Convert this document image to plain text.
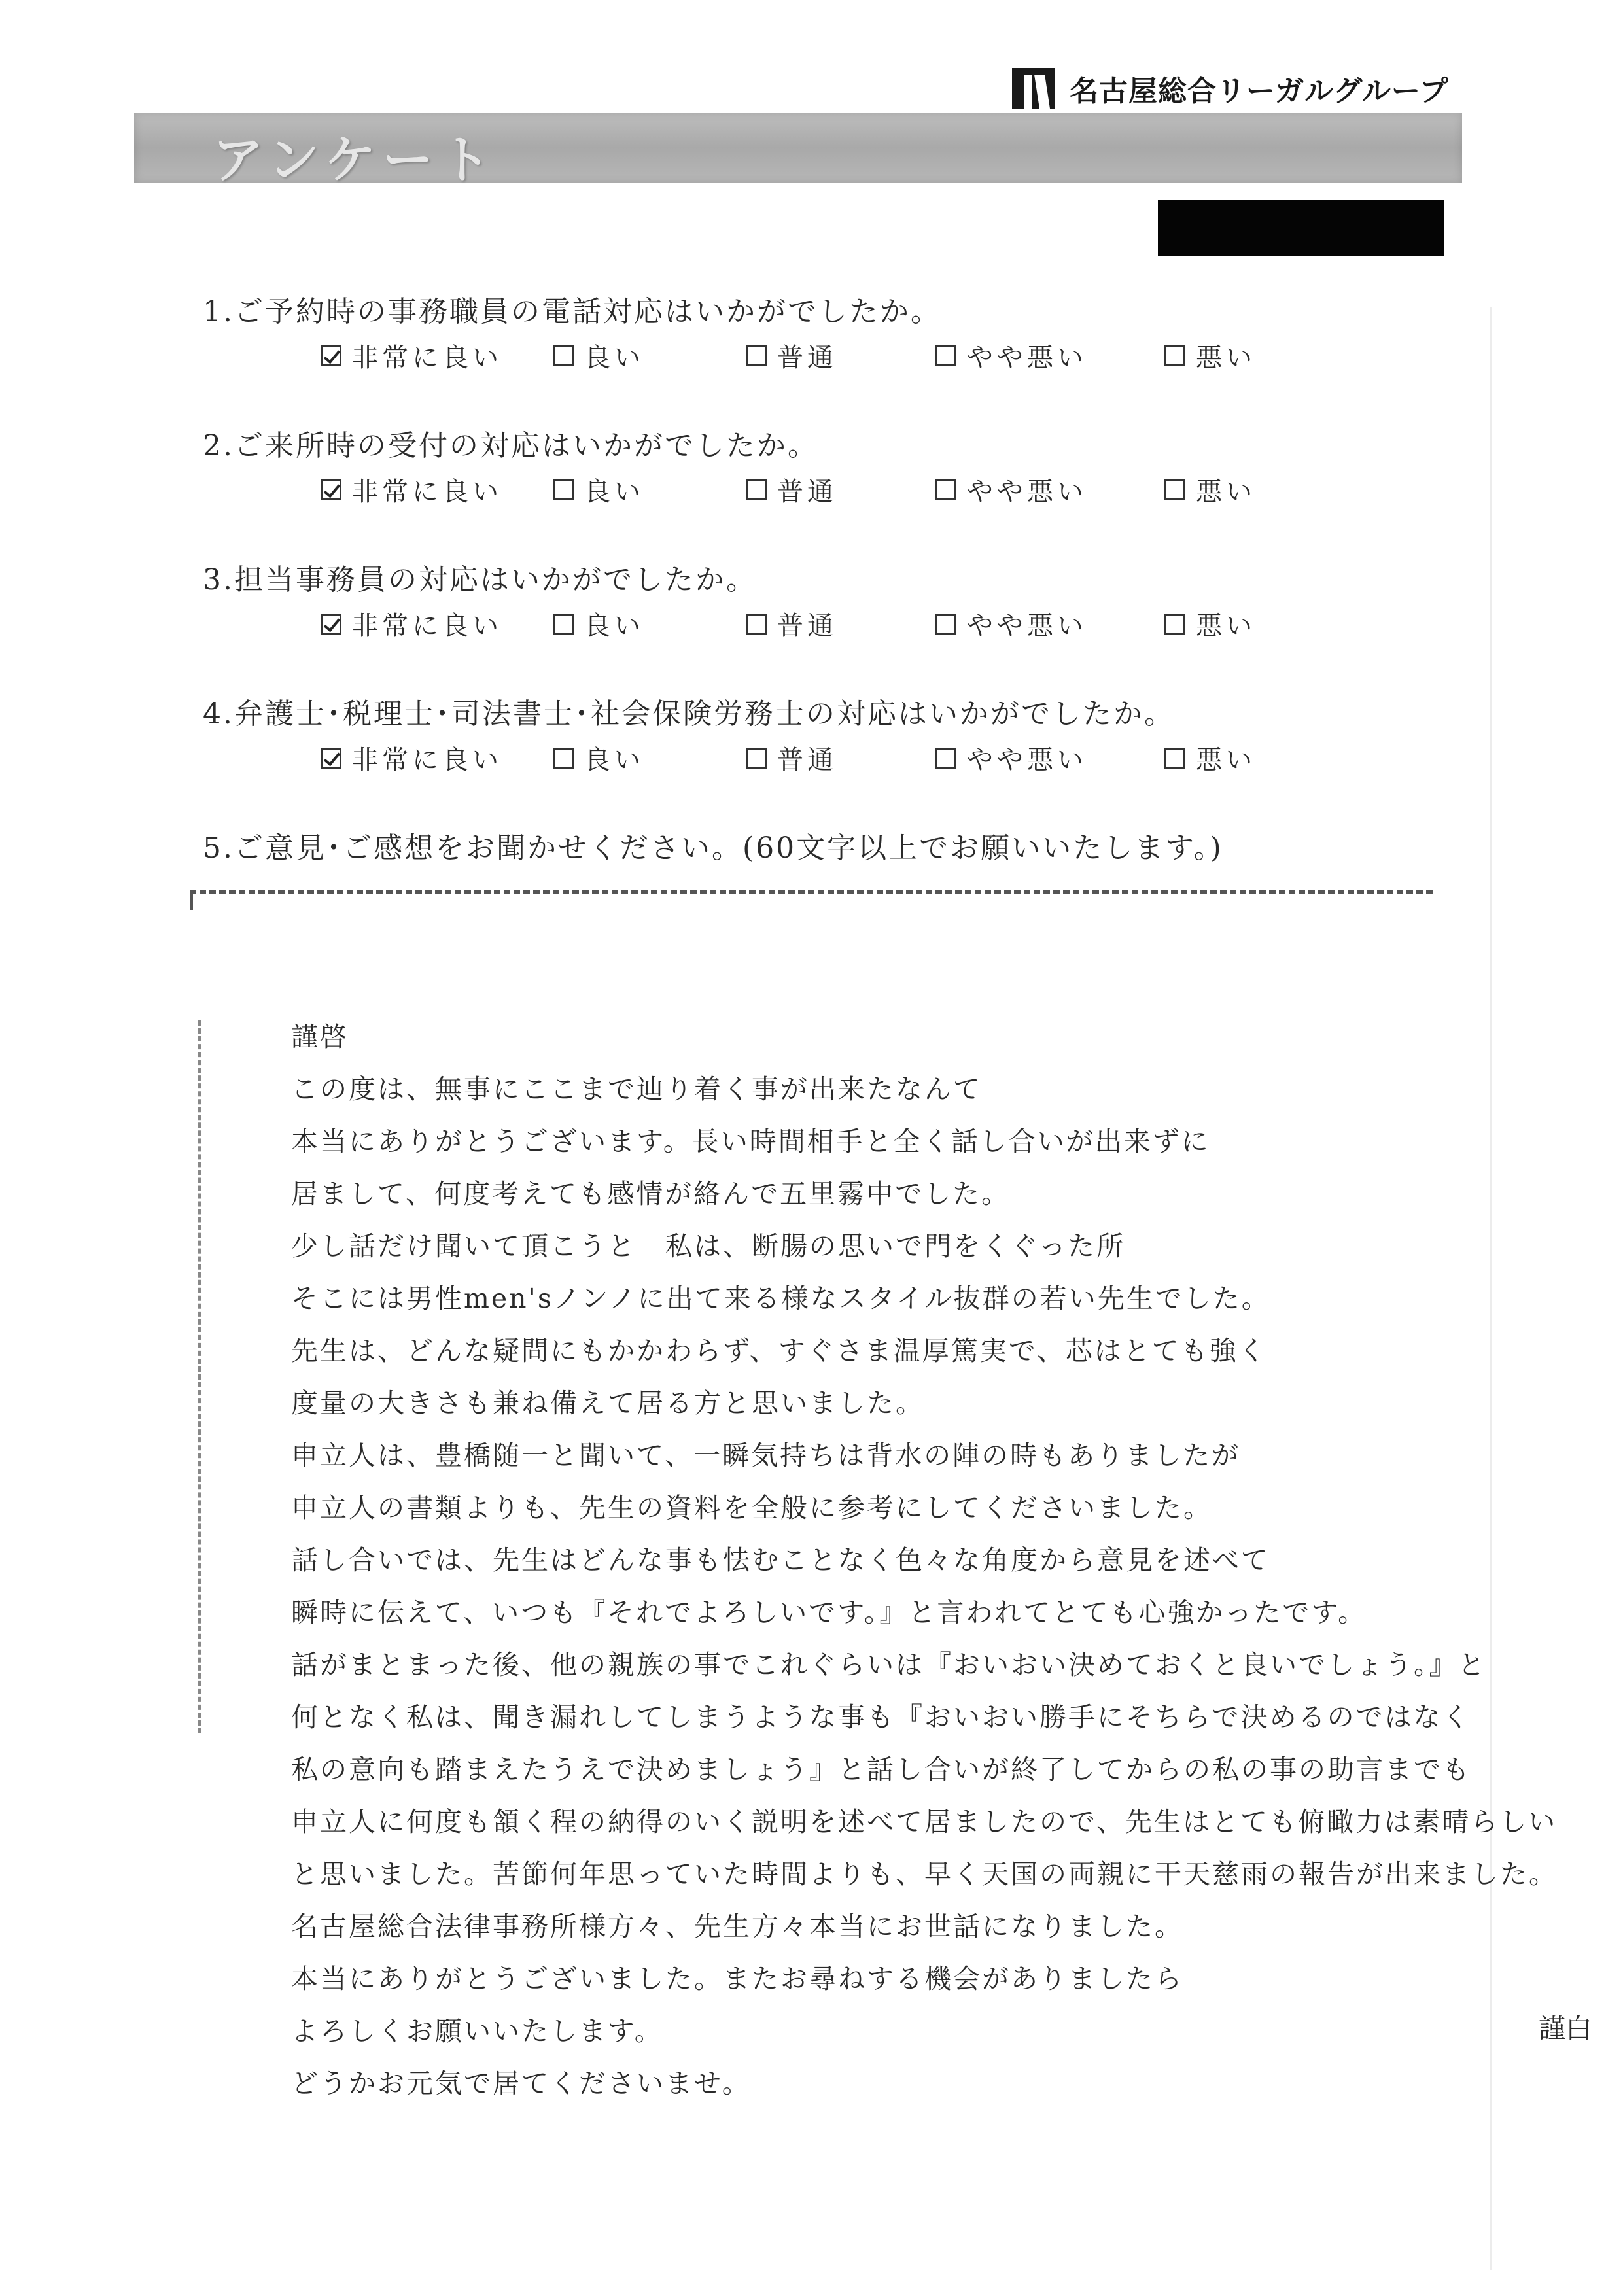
名古屋総合リーガルグループ
アンケート
1.ご予約時の事務職員の電話対応はいかがでしたか。
非常に良い	良い	普通	やや悪い	悪い
2.ご来所時の受付の対応はいかがでしたか。
非常に良い	良い	普通	やや悪い	悪い
3.担当事務員の対応はいかがでしたか。
非常に良い	良い	普通	やや悪い	悪い
4.弁護士･税理士･司法書士･社会保険労務士の対応はいかがでしたか。
非常に良い	良い	普通	やや悪い	悪い
5.ご意見･ご感想をお聞かせください。(60文字以上でお願いいたします。)
謹啓
この度は、無事にここまで辿り着く事が出来たなんて
本当にありがとうございます。長い時間相手と全く話し合いが出来ずに
居まして、何度考えても感情が絡んで五里霧中でした。
少し話だけ聞いて頂こうと　私は、断腸の思いで門をくぐった所
そこには男性men'sノンノに出て来る様なスタイル抜群の若い先生でした。
先生は、どんな疑問にもかかわらず、すぐさま温厚篤実で、芯はとても強く
度量の大きさも兼ね備えて居る方と思いました。
申立人は、豊橋随一と聞いて、一瞬気持ちは背水の陣の時もありましたが
申立人の書類よりも、先生の資料を全般に参考にしてくださいました。
話し合いでは、先生はどんな事も怯むことなく色々な角度から意見を述べて
瞬時に伝えて、いつも『それでよろしいです。』と言われてとても心強かったです。
話がまとまった後、他の親族の事でこれぐらいは『おいおい決めておくと良いでしょう。』と
何となく私は、聞き漏れしてしまうような事も『おいおい勝手にそちらで決めるのではなく
私の意向も踏まえたうえで決めましょう』と話し合いが終了してからの私の事の助言までも
申立人に何度も頷く程の納得のいく説明を述べて居ましたので、先生はとても俯瞰力は素晴らしい
と思いました。苦節何年思っていた時間よりも、早く天国の両親に干天慈雨の報告が出来ました。
名古屋総合法律事務所様方々、先生方々本当にお世話になりました。
本当にありがとうございました。またお尋ねする機会がありましたら
よろしくお願いいたします。
どうかお元気で居てくださいませ。
謹白
